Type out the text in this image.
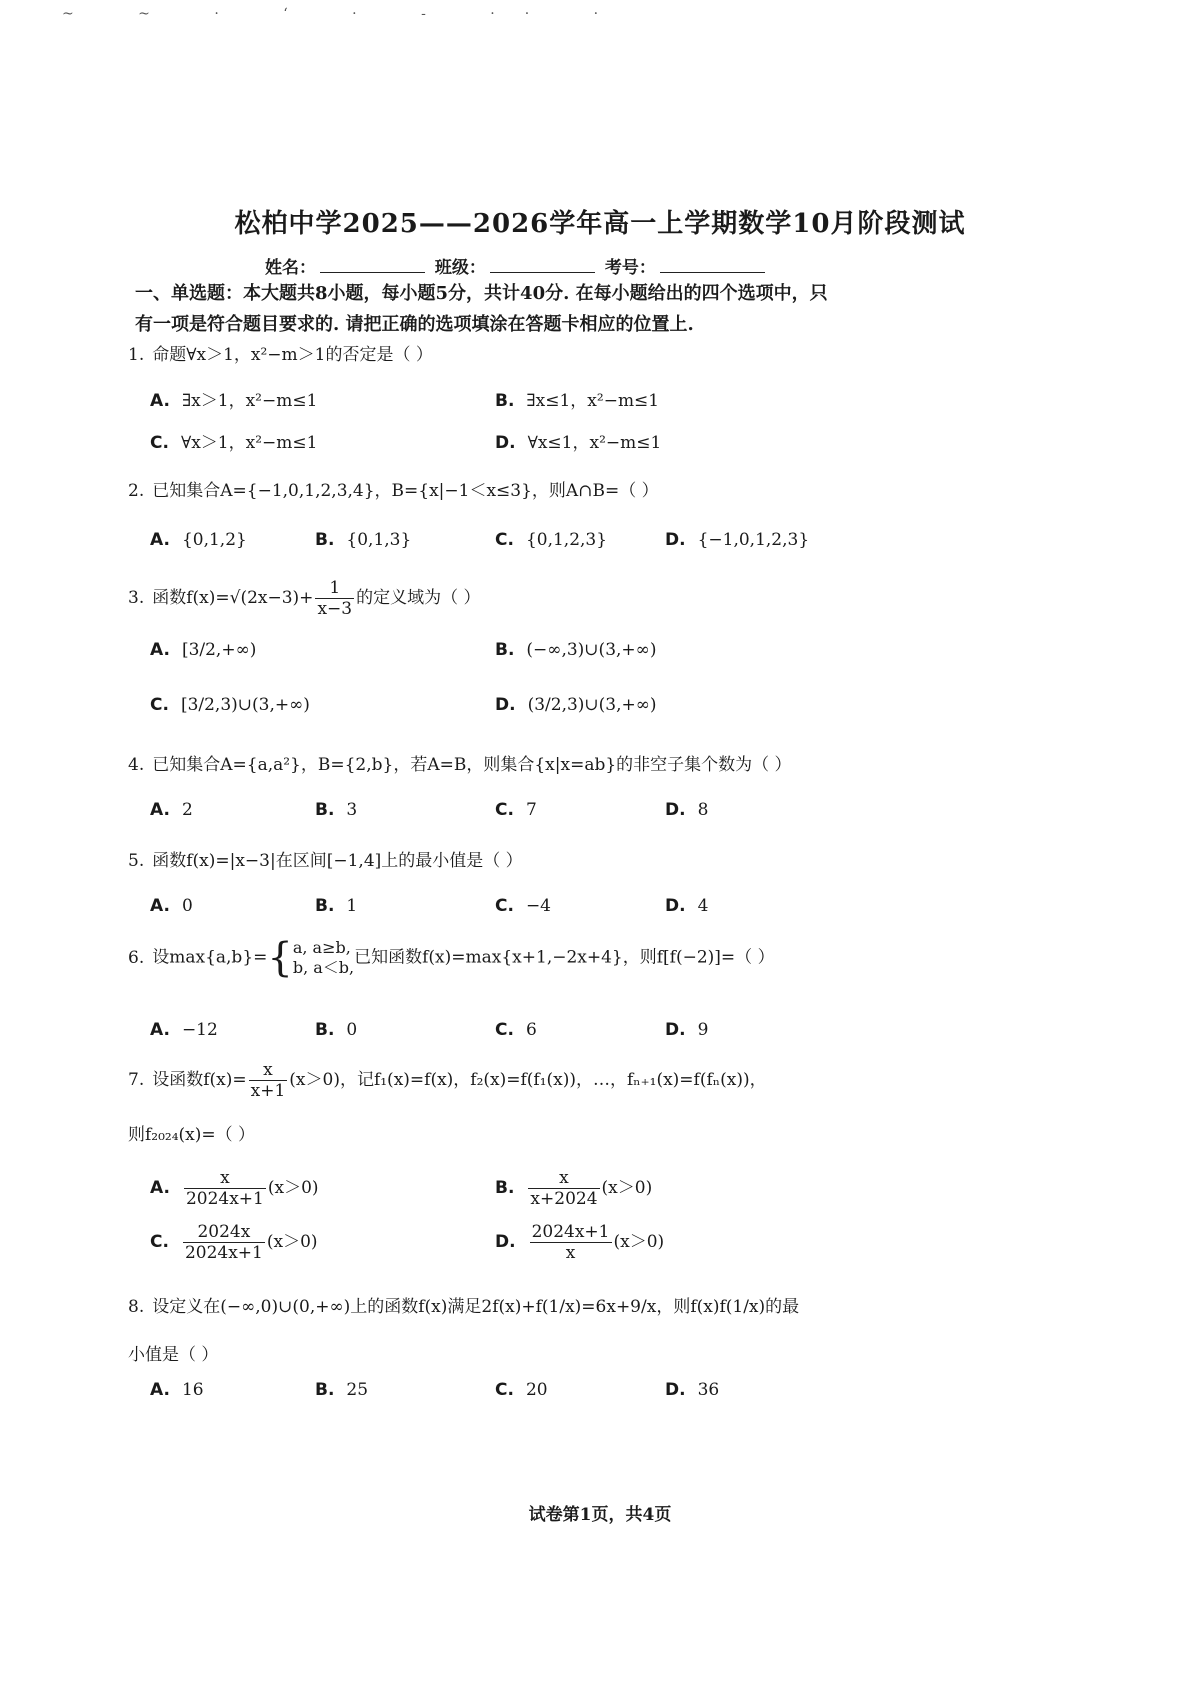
~ ~ · ‘ · - ·· ·
松柏中学2025——2026学年高一上学期数学10月阶段测试
姓名：	班级：	考号：
一、单选题：本大题共8小题，每小题5分，共计40分. 在每小题给出的四个选项中，只
有一项是符合题目要求的. 请把正确的选项填涂在答题卡相应的位置上.
1. 命题∀x＞1，x²−m＞1的否定是（ ）
A. ∃x＞1，x²−m≤1	B. ∃x≤1，x²−m≤1
C. ∀x＞1，x²−m≤1	D. ∀x≤1，x²−m≤1
2. 已知集合A={−1,0,1,2,3,4}，B={x|−1＜x≤3}，则A∩B=（ ）
A. {0,1,2}	B. {0,1,3}	C. {0,1,2,3}	D. {−1,0,1,2,3}
3. 函数$f(x)=√(2x-3)+ \frac{1}{x-3}$ 的定义域为（ ）
A. [3/2,+∞)	B. (−∞,3)∪(3,+∞)
C. [3/2,3)∪(3,+∞)	D. (3/2,3)∪(3,+∞)
4. 已知集合A={a,a²}，B={2,b}，若A=B，则集合{x|x=ab}的非空子集个数为（ ）
A. 2	B. 3	C. 7	D. 8
5. 函数f(x)=|x−3|在区间[−1,4]上的最小值是（ ）
A. 0	B. 1	C. −4	D. 4
6. 设max{a,b}={ a, a≥b,
b, a＜b, 已知函数f(x)=max{x+1,−2x+4}，则f[f(−2)]=（ ）
A. −12	B. 0	C. 6	D. 9
7. 设函数$f(x)= \frac{x}{x+1} (x>0)$，记f₁(x)=f(x)，f₂(x)=f(f₁(x))，…，fₙ₊₁(x)=f(fₙ(x))，
则f₂₀₂₄(x)=（ ）
A. $\frac{x}{2024x+1} (x>0)$	B. $\frac{x}{x+2024} (x>0)$
C. $\frac{2024x}{2024x+1} (x>0)$	D. $\frac{2024x+1}{x} (x>0)$
8. 设定义在(−∞,0)∪(0,+∞)上的函数f(x)满足2f(x)+f(1/x)=6x+9/x，则f(x)f(1/x)的最
小值是（ ）
A. 16	B. 25	C. 20	D. 36
试卷第1页，共4页
